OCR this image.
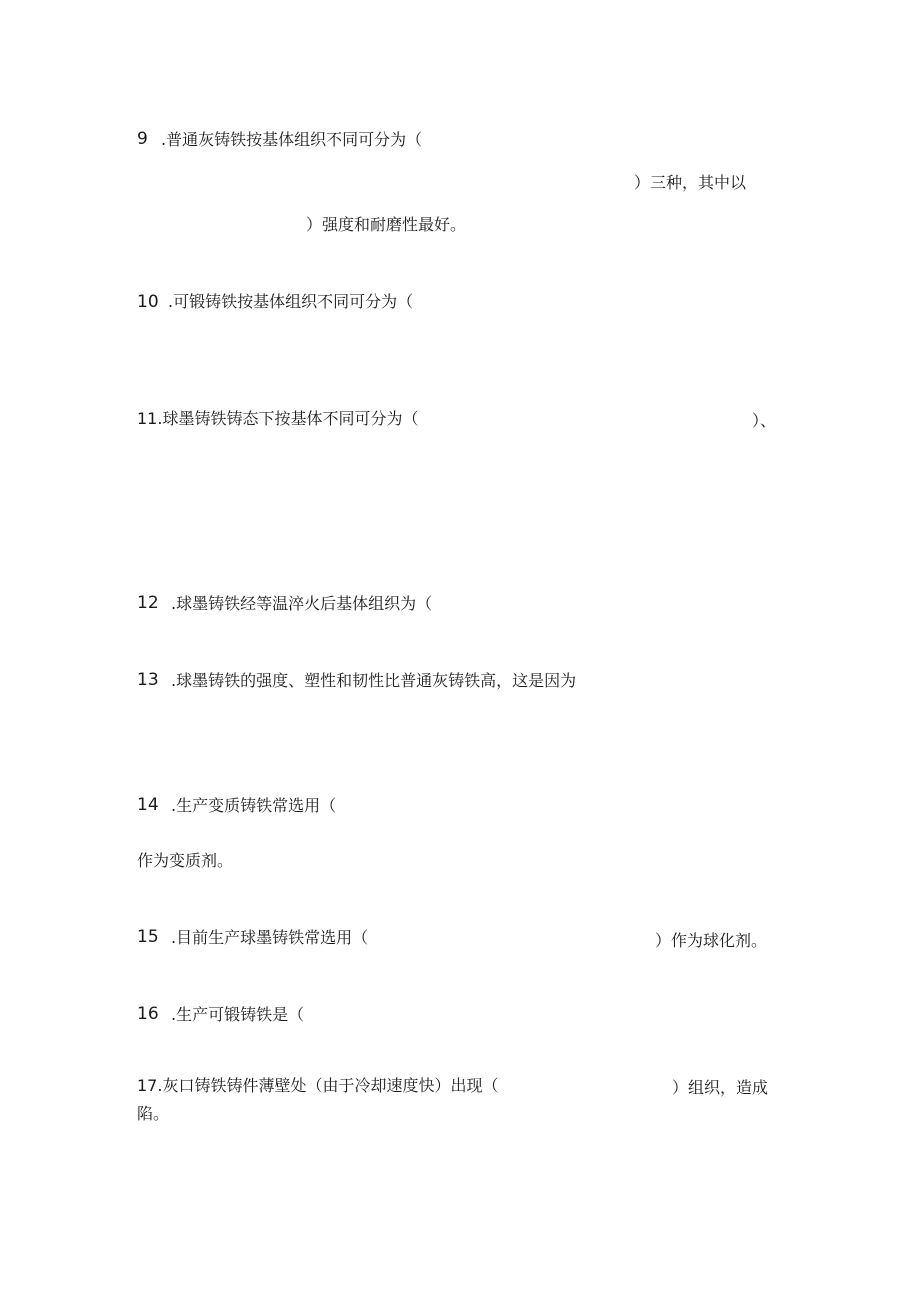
9 .普通灰铸铁按基体组织不同可分为（
）三种，其中以
）强度和耐磨性最好。
10 .可锻铸铁按基体组织不同可分为（
11.球墨铸铁铸态下按基体不同可分为（	）、
12 .球墨铸铁经等温淬火后基体组织为（
13 .球墨铸铁的强度、塑性和韧性比普通灰铸铁高，这是因为
14 .生产变质铸铁常选用（
作为变质剂。
15 .目前生产球墨铸铁常选用（	）作为球化剂。
16 .生产可锻铸铁是（
17.灰口铸铁铸件薄壁处（由于冷却速度快）出现（	）组织，造成
陷。
